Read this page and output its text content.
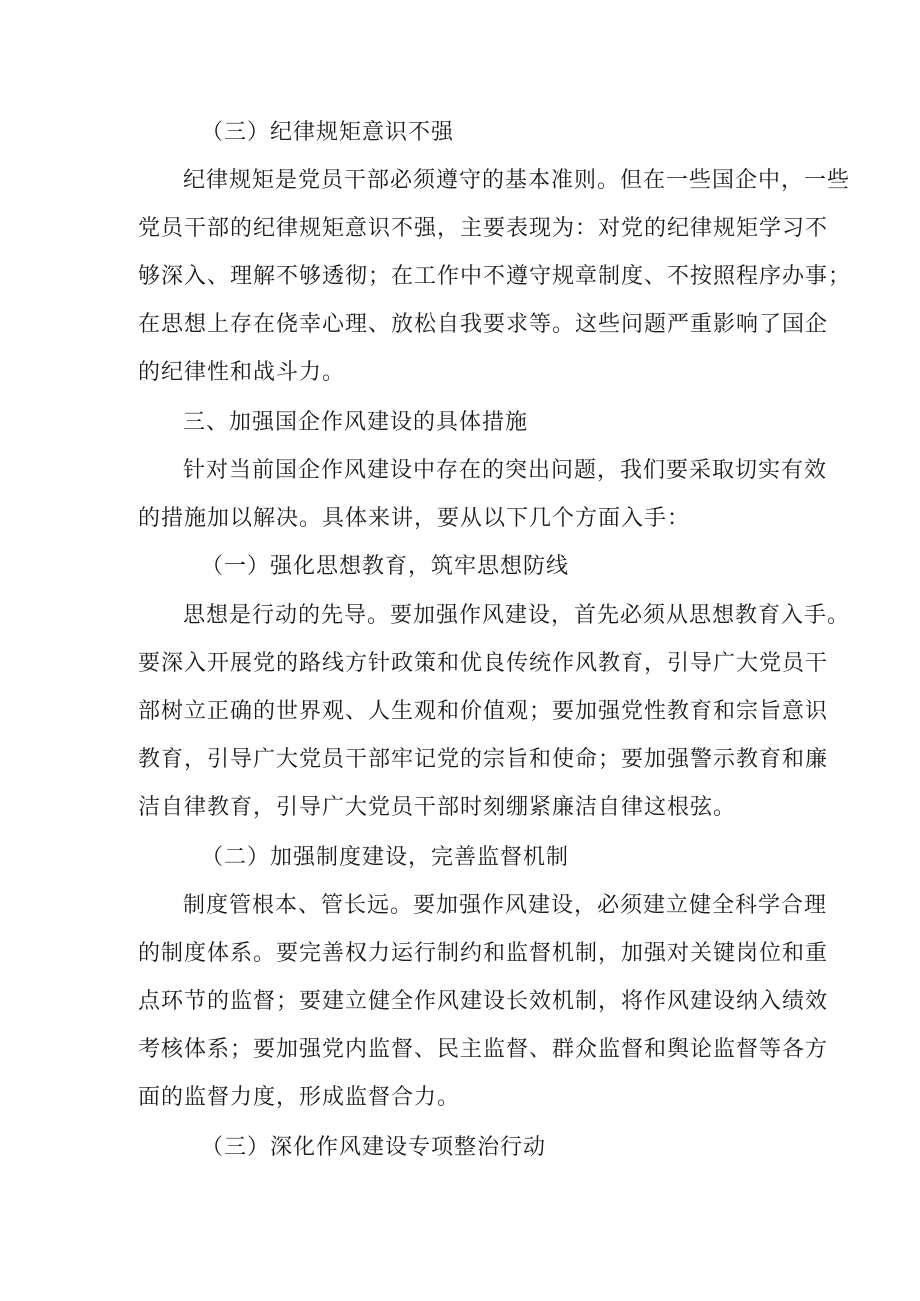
（三）纪律规矩意识不强
纪律规矩是党员干部必须遵守的基本准则。但在一些国企中，一些
党员干部的纪律规矩意识不强，主要表现为：对党的纪律规矩学习不
够深入、理解不够透彻；在工作中不遵守规章制度、不按照程序办事；
在思想上存在侥幸心理、放松自我要求等。这些问题严重影响了国企
的纪律性和战斗力。
三、加强国企作风建设的具体措施
针对当前国企作风建设中存在的突出问题，我们要采取切实有效
的措施加以解决。具体来讲，要从以下几个方面入手：
（一）强化思想教育，筑牢思想防线
思想是行动的先导。要加强作风建设，首先必须从思想教育入手。
要深入开展党的路线方针政策和优良传统作风教育，引导广大党员干
部树立正确的世界观、人生观和价值观；要加强党性教育和宗旨意识
教育，引导广大党员干部牢记党的宗旨和使命；要加强警示教育和廉
洁自律教育，引导广大党员干部时刻绷紧廉洁自律这根弦。
（二）加强制度建设，完善监督机制
制度管根本、管长远。要加强作风建设，必须建立健全科学合理
的制度体系。要完善权力运行制约和监督机制，加强对关键岗位和重
点环节的监督；要建立健全作风建设长效机制，将作风建设纳入绩效
考核体系；要加强党内监督、民主监督、群众监督和舆论监督等各方
面的监督力度，形成监督合力。
（三）深化作风建设专项整治行动
